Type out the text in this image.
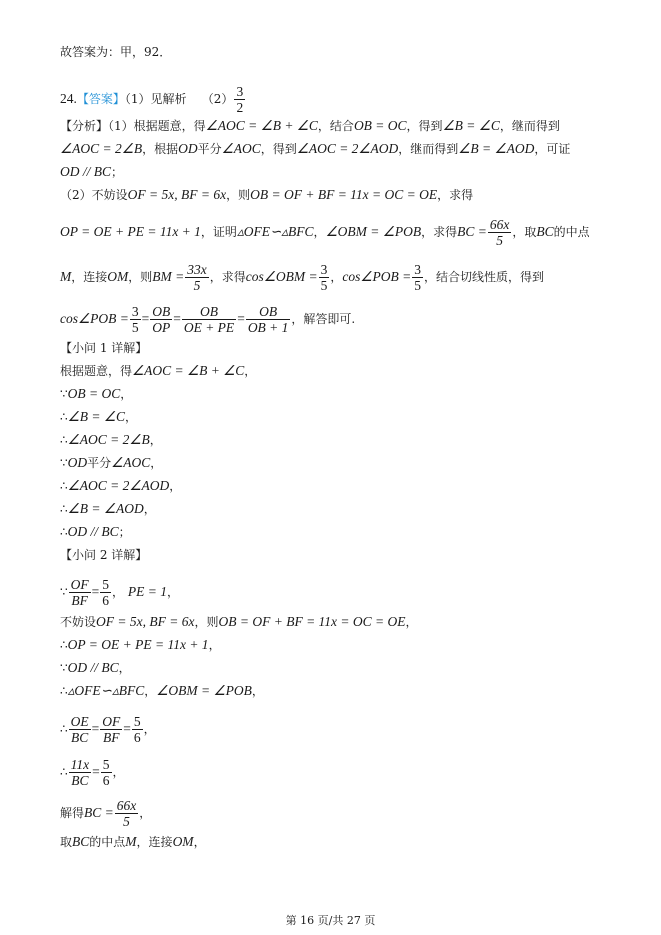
故答案为：甲，92．
24.【答案】（1）见解析 $(2) \frac{3}{2}$
【分析】（1）根据题意，得∠AOC = ∠B + ∠C，结合OB = OC，得到∠B = ∠C，继而得到
∠AOC = 2∠B，根据OD平分∠AOC，得到∠AOC = 2∠AOD，继而得到∠B = ∠AOD，可证
OD // BC；
（2）不妨设OF = 5x, BF = 6x，则OB = OF + BF = 11x = OC = OE，求得
OP = OE + PE = 11x + 1，证明▵OFE∽▵BFC，∠OBM = ∠POB，求得BC = $\frac{66x}{5}$ ，取BC的中点
M，连接OM，则BM = $\frac{33x}{5}$ ，求得cos∠OBM = $\frac{3}{5}$ ，cos∠POB = $\frac{3}{5}$ ，结合切线性质，得到
cos∠POB = $\frac{3}{5} = \frac{OB}{OP} = \frac{OB}{OE + PE} = \frac{OB}{OB + 1}$ ，解答即可.
【小问 1 详解】
根据题意，得∠AOC = ∠B + ∠C，
∵OB = OC，
∴∠B = ∠C，
∴∠AOC = 2∠B，
∵OD平分∠AOC，
∴∠AOC = 2∠AOD，
∴∠B = ∠AOD，
∴OD // BC；
【小问 2 详解】
∵ $\frac{OF}{BF} = \frac{5}{6}$ ， PE = 1，
不妨设OF = 5x, BF = 6x，则OB = OF + BF = 11x = OC = OE，
∴OP = OE + PE = 11x + 1，
∵OD // BC，
∴▵OFE∽▵BFC，∠OBM = ∠POB，
∴ $\frac{OE}{BC} = \frac{OF}{BF} = \frac{5}{6}$ ，
∴ $\frac{11x}{BC} = \frac{5}{6}$ ，
解得BC = $\frac{66x}{5}$ ，
取BC的中点M，连接OM，
第 16 页/共 27 页
